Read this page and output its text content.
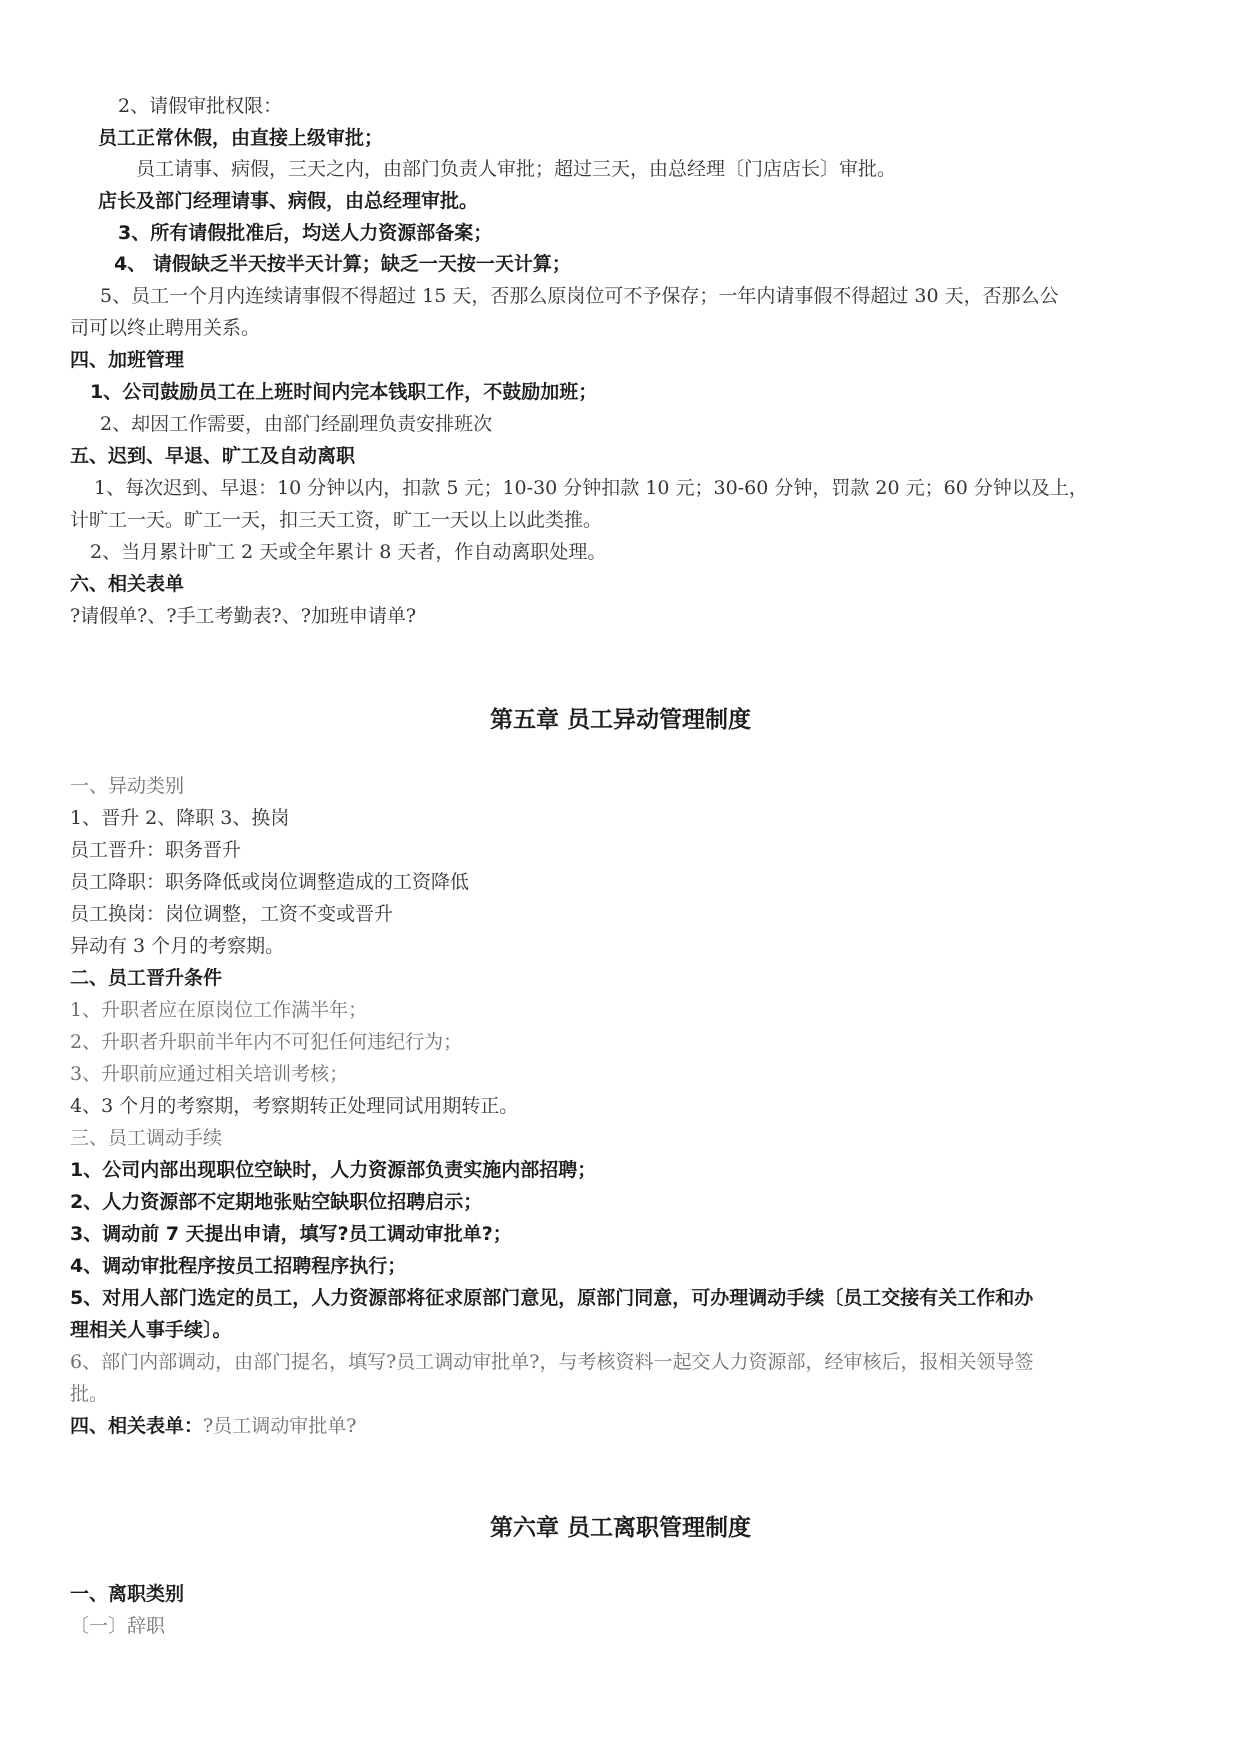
2、请假审批权限：
员工正常休假，由直接上级审批；
员工请事、病假，三天之内，由部门负责人审批；超过三天，由总经理〔门店店长〕审批。
店长及部门经理请事、病假，由总经理审批。
3、所有请假批准后，均送人力资源部备案；
4、 请假缺乏半天按半天计算；缺乏一天按一天计算；
5、员工一个月内连续请事假不得超过 15 天，否那么原岗位可不予保存；一年内请事假不得超过 30 天，否那么公
司可以终止聘用关系。
四、加班管理
1、公司鼓励员工在上班时间内完本钱职工作，不鼓励加班；
2、却因工作需要，由部门经副理负责安排班次
五、迟到、早退、旷工及自动离职
1、每次迟到、早退：10 分钟以内，扣款 5 元；10-30 分钟扣款 10 元；30-60 分钟，罚款 20 元；60 分钟以及上，
计旷工一天。旷工一天，扣三天工资，旷工一天以上以此类推。
2、当月累计旷工 2 天或全年累计 8 天者，作自动离职处理。
六、相关表单
?请假单?、?手工考勤表?、?加班申请单?
第五章 员工异动管理制度
一、异动类别
1、晋升 2、降职 3、换岗
员工晋升：职务晋升
员工降职：职务降低或岗位调整造成的工资降低
员工换岗：岗位调整，工资不变或晋升
异动有 3 个月的考察期。
二、员工晋升条件
1、升职者应在原岗位工作满半年；
2、升职者升职前半年内不可犯任何违纪行为；
3、升职前应通过相关培训考核；
4、3 个月的考察期，考察期转正处理同试用期转正。
三、员工调动手续
1、公司内部出现职位空缺时，人力资源部负责实施内部招聘；
2、人力资源部不定期地张贴空缺职位招聘启示；
3、调动前 7 天提出申请，填写?员工调动审批单?；
4、调动审批程序按员工招聘程序执行；
5、对用人部门选定的员工，人力资源部将征求原部门意见，原部门同意，可办理调动手续〔员工交接有关工作和办
理相关人事手续〕。
6、部门内部调动，由部门提名，填写?员工调动审批单?，与考核资料一起交人力资源部，经审核后，报相关领导签
批。
四、相关表单：?员工调动审批单?
第六章 员工离职管理制度
一、离职类别
〔一〕辞职
